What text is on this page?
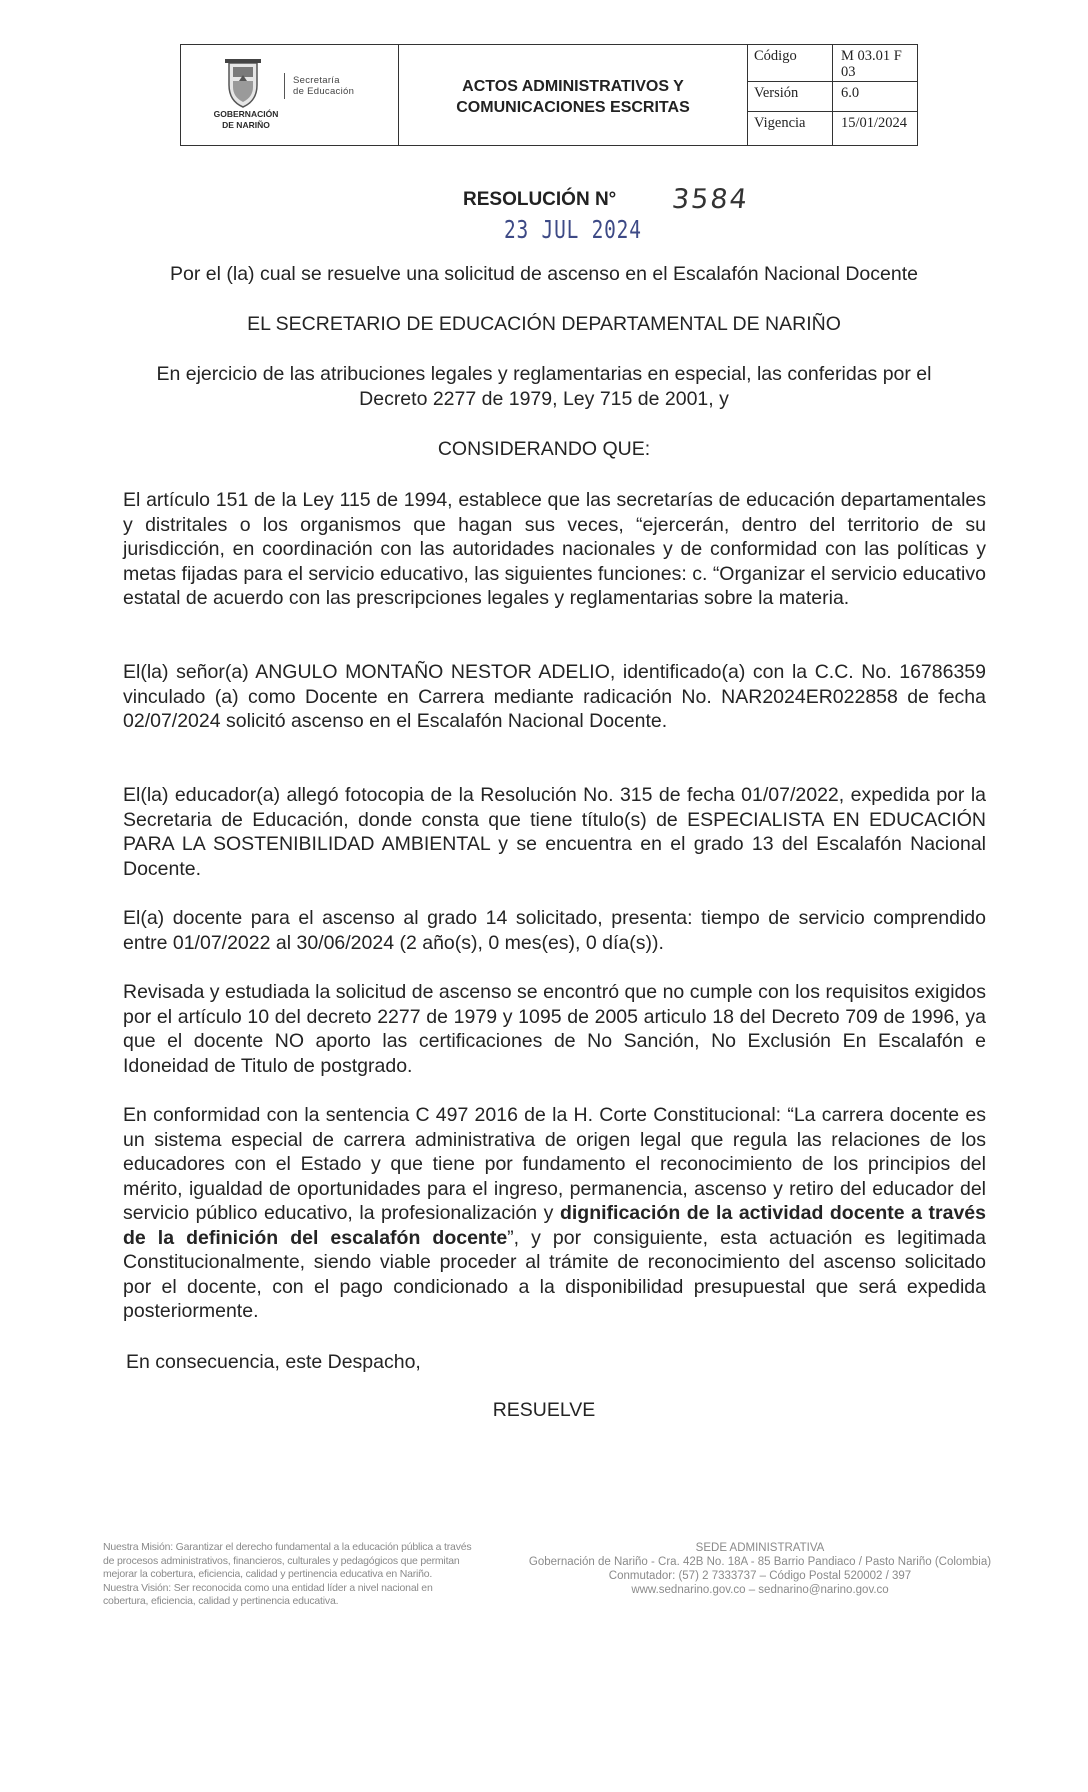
GOBERNACIÓN
DE NARIÑO
Secretaría
de Educación	ACTOS ADMINISTRATIVOS Y
COMUNICACIONES ESCRITAS
Código	M 03.01 F 03
Versión	6.0
Vigencia	15/01/2024
RESOLUCIÓN N° 3584
23 JUL 2024
Por el (la) cual se resuelve una solicitud de ascenso en el Escalafón Nacional Docente
EL SECRETARIO DE EDUCACIÓN DEPARTAMENTAL DE NARIÑO
En ejercicio de las atribuciones legales y reglamentarias en especial, las conferidas por el
Decreto 2277 de 1979, Ley 715 de 2001, y
CONSIDERANDO QUE:
El artículo 151 de la Ley 115 de 1994, establece que las secretarías de educación departamentales y distritales o los organismos que hagan sus veces, “ejercerán, dentro del territorio de su jurisdicción, en coordinación con las autoridades nacionales y de conformidad con las políticas y metas fijadas para el servicio educativo, las siguientes funciones: c. “Organizar el servicio educativo estatal de acuerdo con las prescripciones legales y reglamentarias sobre la materia.
El(la) señor(a) ANGULO MONTAÑO NESTOR ADELIO, identificado(a) con la C.C. No. 16786359 vinculado (a) como Docente en Carrera mediante radicación No. NAR2024ER022858 de fecha 02/07/2024 solicitó ascenso en el Escalafón Nacional Docente.
El(la) educador(a) allegó fotocopia de la Resolución No. 315 de fecha 01/07/2022, expedida por la Secretaria de Educación, donde consta que tiene título(s) de ESPECIALISTA EN EDUCACIÓN PARA LA SOSTENIBILIDAD AMBIENTAL y se encuentra en el grado 13 del Escalafón Nacional Docente.
El(a) docente para el ascenso al grado 14 solicitado, presenta: tiempo de servicio comprendido entre 01/07/2022 al 30/06/2024 (2 año(s), 0 mes(es), 0 día(s)).
Revisada y estudiada la solicitud de ascenso se encontró que no cumple con los requisitos exigidos por el artículo 10 del decreto 2277 de 1979 y 1095 de 2005 articulo 18 del Decreto 709 de 1996, ya que el docente NO aporto las certificaciones de No Sanción, No Exclusión En Escalafón e Idoneidad de Titulo de postgrado.
En conformidad con la sentencia C 497 2016 de la H. Corte Constitucional: “La carrera docente es un sistema especial de carrera administrativa de origen legal que regula las relaciones de los educadores con el Estado y que tiene por fundamento el reconocimiento de los principios del mérito, igualdad de oportunidades para el ingreso, permanencia, ascenso y retiro del educador del servicio público educativo, la profesionalización y dignificación de la actividad docente a través de la definición del escalafón docente”, y por consiguiente, esta actuación es legitimada Constitucionalmente, siendo viable proceder al trámite de reconocimiento del ascenso solicitado por el docente, con el pago condicionado a la disponibilidad presupuestal que será expedida posteriormente.
En consecuencia, este Despacho,
RESUELVE
Nuestra Misión: Garantizar el derecho fundamental a la educación pública a través
de procesos administrativos, financieros, culturales y pedagógicos que permitan
mejorar la cobertura, eficiencia, calidad y pertinencia educativa en Nariño.
Nuestra Visión: Ser reconocida como una entidad líder a nivel nacional en
cobertura, eficiencia, calidad y pertinencia educativa.
SEDE ADMINISTRATIVA
Gobernación de Nariño - Cra. 42B No. 18A - 85 Barrio Pandiaco / Pasto Nariño (Colombia)
Conmutador: (57) 2 7333737 – Código Postal 520002 / 397
www.sednarino.gov.co – sednarino@narino.gov.co
